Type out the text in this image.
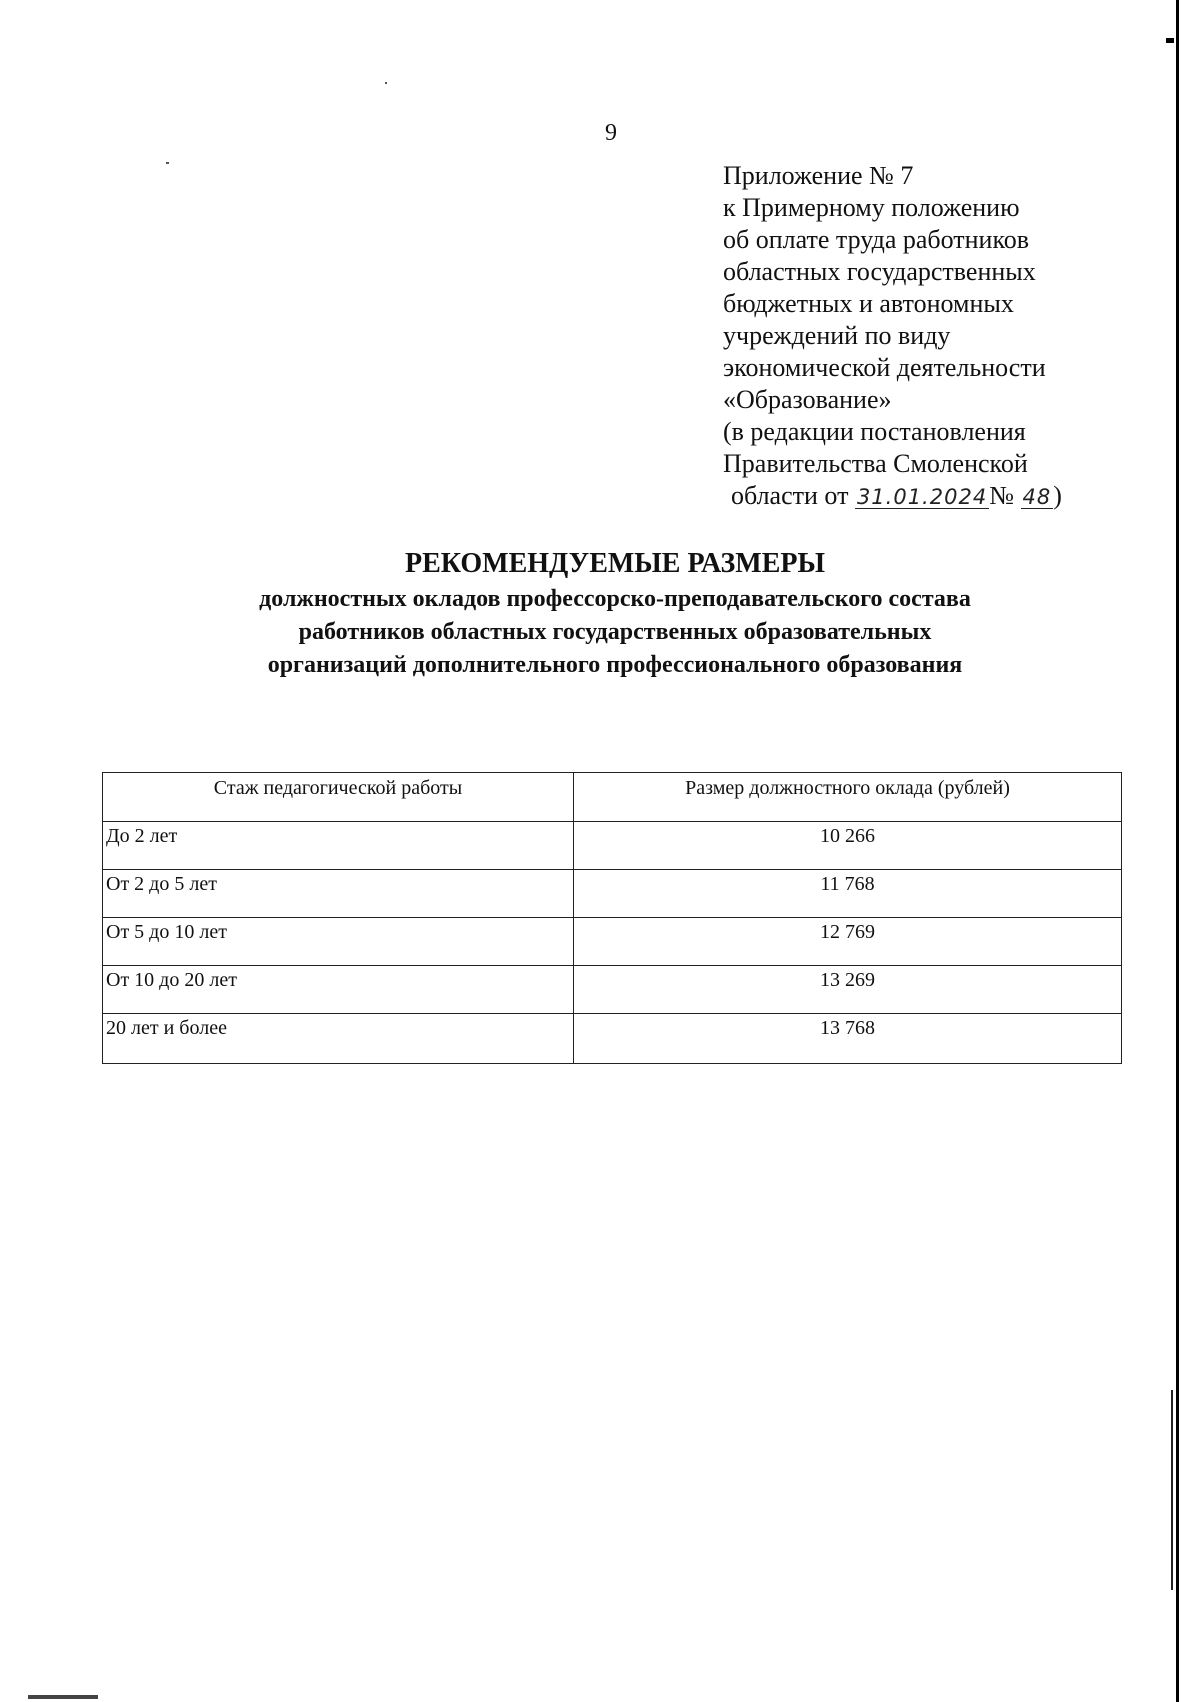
9
Приложение № 7
к Примерному положению
об оплате труда работников
областных государственных
бюджетных и автономных
учреждений по виду
экономической деятельности
«Образование»
(в редакции постановления
Правительства Смоленской
области от 31.01.2024№ 48)
РЕКОМЕНДУЕМЫЕ РАЗМЕРЫ
должностных окладов профессорско-преподавательского состава работников областных государственных образовательных организаций дополнительного профессионального образования
Стаж педагогической работы	Размер должностного оклада (рублей)
До 2 лет	10 266
От 2 до 5 лет	11 768
От 5 до 10 лет	12 769
От 10 до 20 лет	13 269
20 лет и более	13 768
